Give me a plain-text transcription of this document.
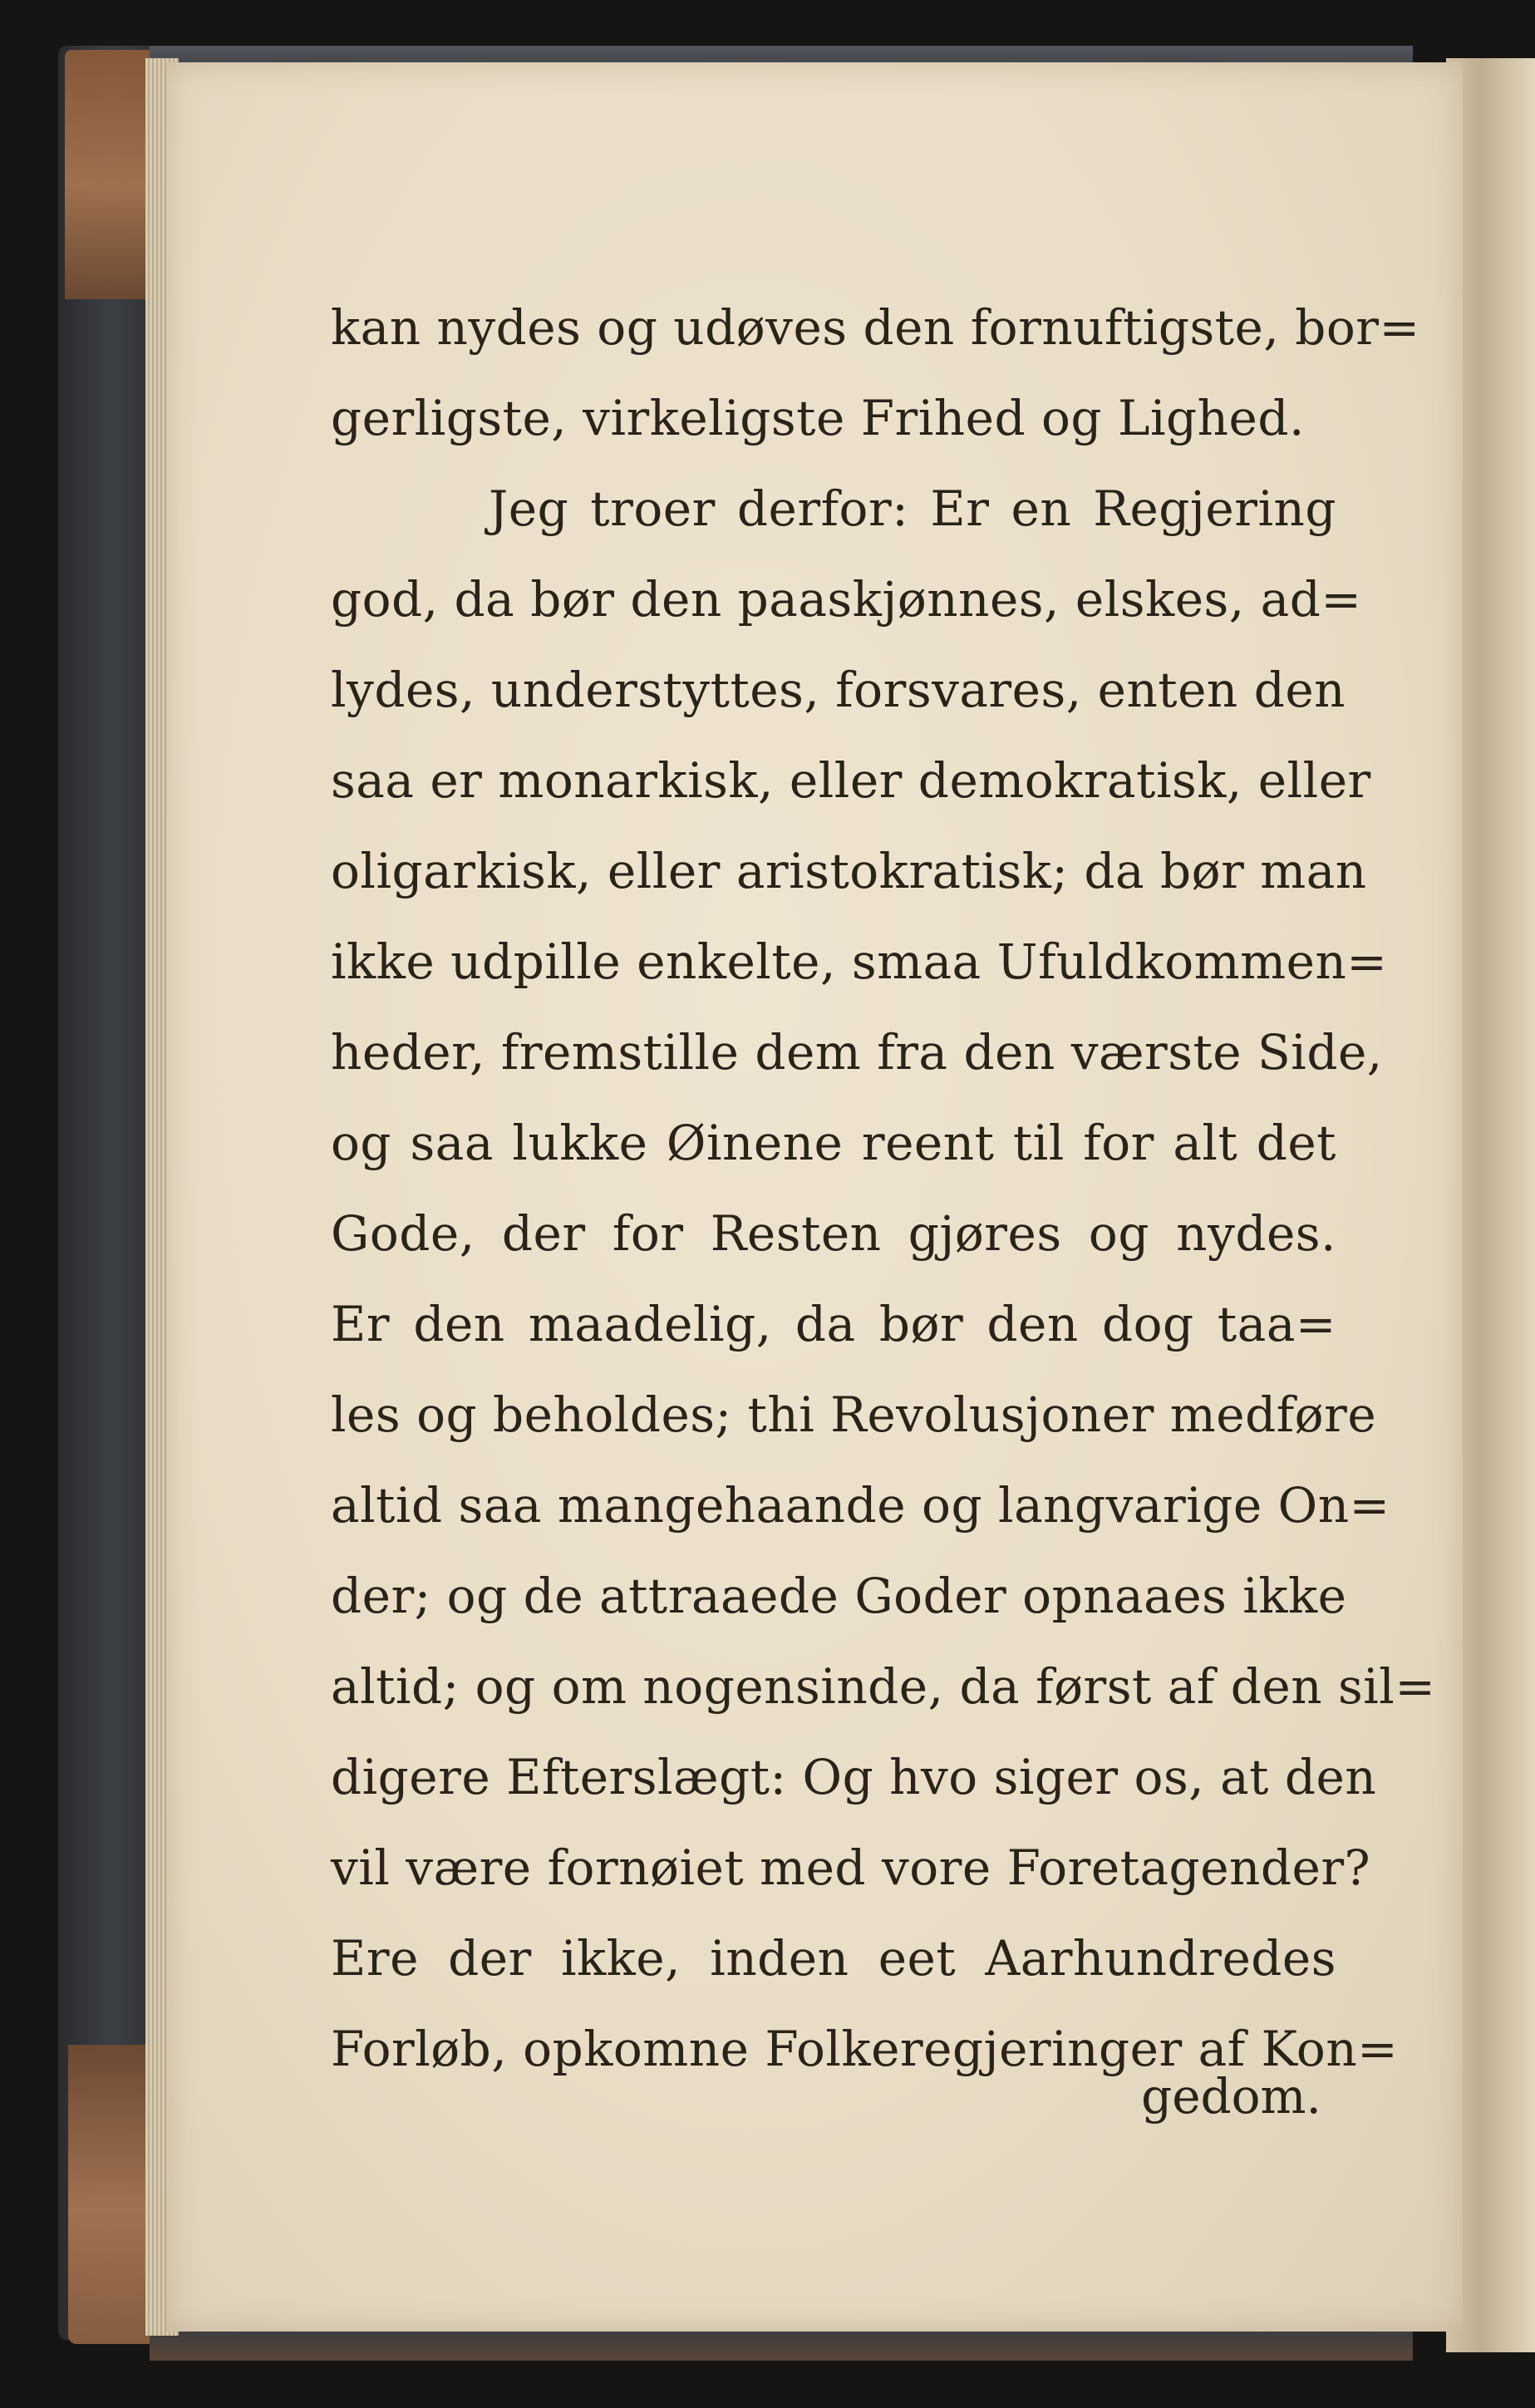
kan nydes og udøves den fornuftigste, bor=
gerligste, virkeligste Frihed og Lighed.
Jeg troer derfor: Er en Regjering
god, da bør den paaskjønnes, elskes, ad=
lydes, understyttes, forsvares, enten den
saa er monarkisk, eller demokratisk, eller
oligarkisk, eller aristokratisk; da bør man
ikke udpille enkelte, smaa Ufuldkommen=
heder, fremstille dem fra den værste Side,
og saa lukke Øinene reent til for alt det
Gode, der for Resten gjøres og nydes.
Er den maadelig, da bør den dog taa=
les og beholdes; thi Revolusjoner medføre
altid saa mangehaande og langvarige On=
der; og de attraaede Goder opnaaes ikke
altid; og om nogensinde, da først af den sil=
digere Efterslægt: Og hvo siger os, at den
vil være fornøiet med vore Foretagender?
Ere der ikke, inden eet Aarhundredes
Forløb, opkomne Folkeregjeringer af Kon=
gedom.
